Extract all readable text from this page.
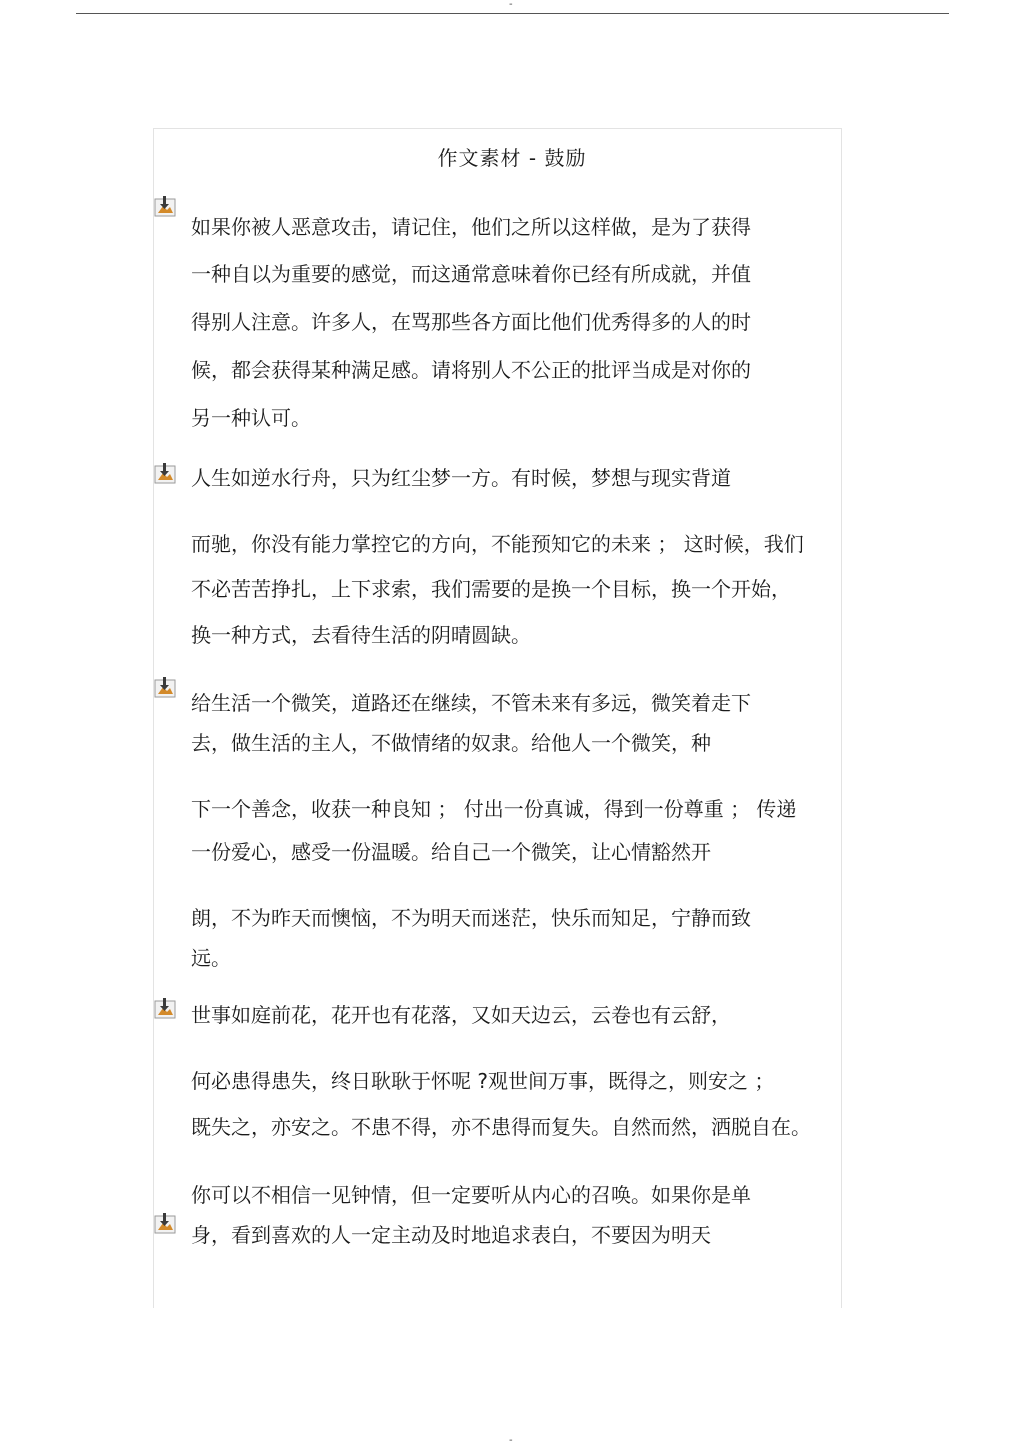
-
作文素材 - 鼓励
如果你被人恶意攻击，请记住，他们之所以这样做，是为了获得
一种自以为重要的感觉，而这通常意味着你已经有所成就，并值
得别人注意。许多人，在骂那些各方面比他们优秀得多的人的时
候，都会获得某种满足感。请将别人不公正的批评当成是对你的
另一种认可。
人生如逆水行舟，只为红尘梦一方。有时候，梦想与现实背道
而驰，你没有能力掌控它的方向，不能预知它的未来 ； 这时候，我们
不必苦苦挣扎，上下求索，我们需要的是换一个目标，换一个开始，
换一种方式，去看待生活的阴晴圆缺。
给生活一个微笑，道路还在继续，不管未来有多远，微笑着走下
去，做生活的主人，不做情绪的奴隶。给他人一个微笑，种
下一个善念，收获一种良知 ； 付出一份真诚，得到一份尊重 ； 传递
一份爱心，感受一份温暖。给自己一个微笑，让心情豁然开
朗，不为昨天而懊恼，不为明天而迷茫，快乐而知足，宁静而致
远。
世事如庭前花，花开也有花落，又如天边云，云卷也有云舒，
何必患得患失，终日耿耿于怀呢 ?观世间万事，既得之，则安之 ；
既失之，亦安之。不患不得，亦不患得而复失。自然而然，洒脱自在。
你可以不相信一见钟情，但一定要听从内心的召唤。如果你是单
身，看到喜欢的人一定主动及时地追求表白，不要因为明天
-
